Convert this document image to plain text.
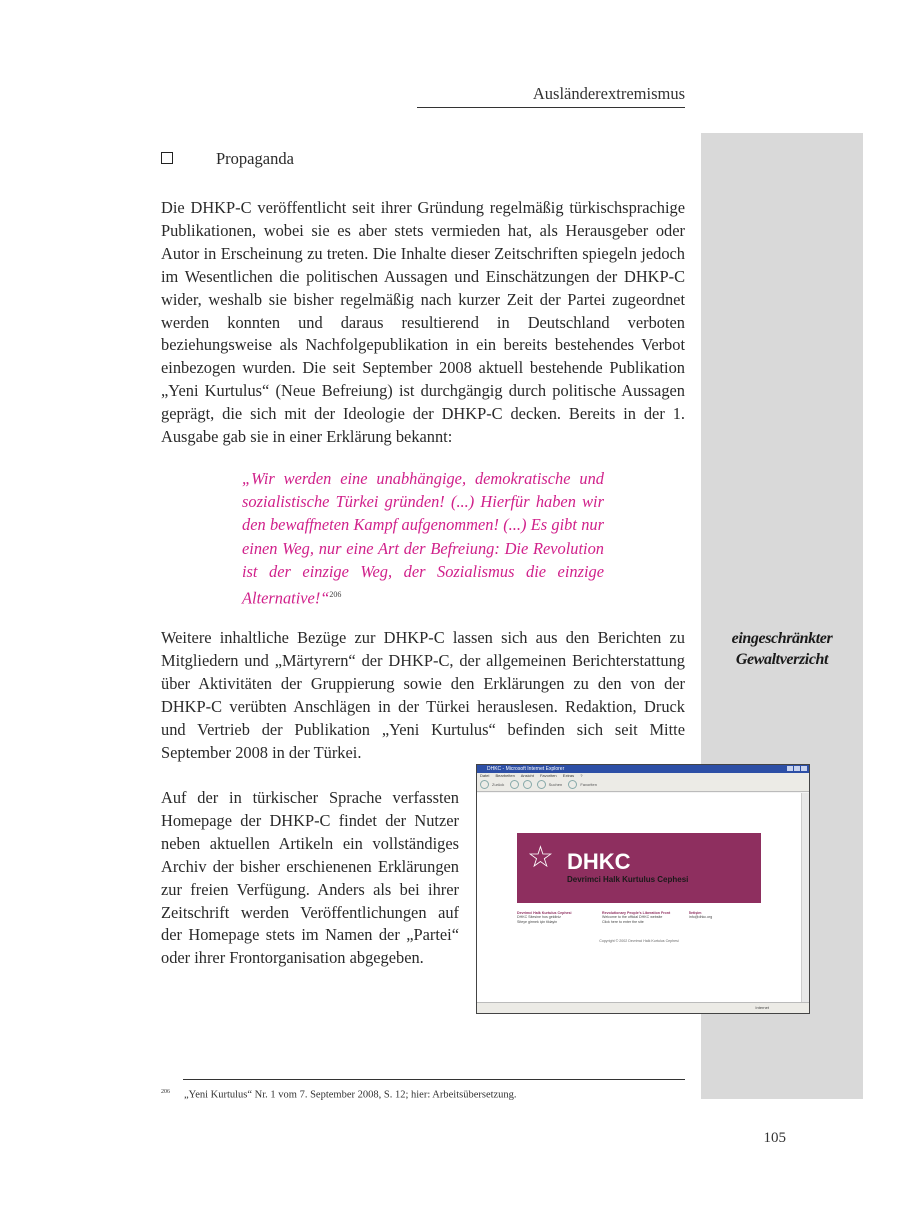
Ausländerextremismus
Propaganda

Die DHKP-C veröffentlicht seit ihrer Gründung regelmäßig türkischsprachige Publikationen, wobei sie es aber stets vermieden hat, als Herausgeber oder Autor in Erscheinung zu treten. Die Inhalte dieser Zeitschriften spiegeln jedoch im Wesentlichen die politischen Aussagen und Einschätzungen der DHKP-C wider, weshalb sie bisher regelmäßig nach kurzer Zeit der Partei zugeordnet werden konnten und daraus resultierend in Deutschland verboten beziehungsweise als Nachfolgepublikation in ein bereits bestehendes Verbot einbezogen wurden. Die seit September 2008 aktuell bestehende Publikation „Yeni Kurtulus“ (Neue Befreiung) ist durchgängig durch politische Aussagen geprägt, die sich mit der Ideologie der DHKP-C decken. Bereits in der 1. Ausgabe gab sie in einer Erklärung bekannt:

„Wir werden eine unabhängige, demokratische und sozialistische Türkei gründen! (...) Hierfür haben wir den bewaffneten Kampf aufgenommen! (...) Es gibt nur einen Weg, nur eine Art der Befreiung: Die Revolution ist der einzige Weg, der Sozialismus die einzige Alternative!“$^{206}$

Weitere inhaltliche Bezüge zur DHKP-C lassen sich aus den Berichten zu Mitgliedern und „Märtyrern“ der DHKP-C, der allgemeinen Berichterstattung über Aktivitäten der Gruppierung sowie den Erklärungen zu den von der DHKP-C verübten Anschlägen in der Türkei herauslesen. Redaktion, Druck und Vertrieb der Publikation „Yeni Kurtulus“ befinden sich seit Mitte September 2008 in der Türkei.

eingeschränkter Gewaltverzicht

Auf der in türkischer Sprache verfassten Homepage der DHKP-C findet der Nutzer neben aktuellen Artikeln ein vollständiges Archiv der bisher erschienenen Erklärungen zur freien Verfügung. Anders als bei ihrer Zeitschrift werden Veröffentlichungen auf der Homepage stets im Namen der „Partei“ oder ihrer Frontorganisation abgegeben.

DHKC - Microsoft Internet Explorer
Datei Bearbeiten Ansicht Favoriten Extras ?
Zurück	Suchen	Favoriten
☆ DHKC
Devrimci Halk Kurtulus Cephesi
Devrimci Halk Kurtulus Cephesi
DHKC Sitesine hos geldiniz
Siteye girmek için tiklayin
Revolutionary People's Liberation Front
Welcome to the official DHKC website
Click here to enter the site
İletişim
info@dhkc.org
Copyright © 2002 Devrimci Halk Kurtulus Cephesi
Internet
$^{206}$ „Yeni Kurtulus“ Nr. 1 vom 7. September 2008, S. 12; hier: Arbeitsübersetzung.
105
